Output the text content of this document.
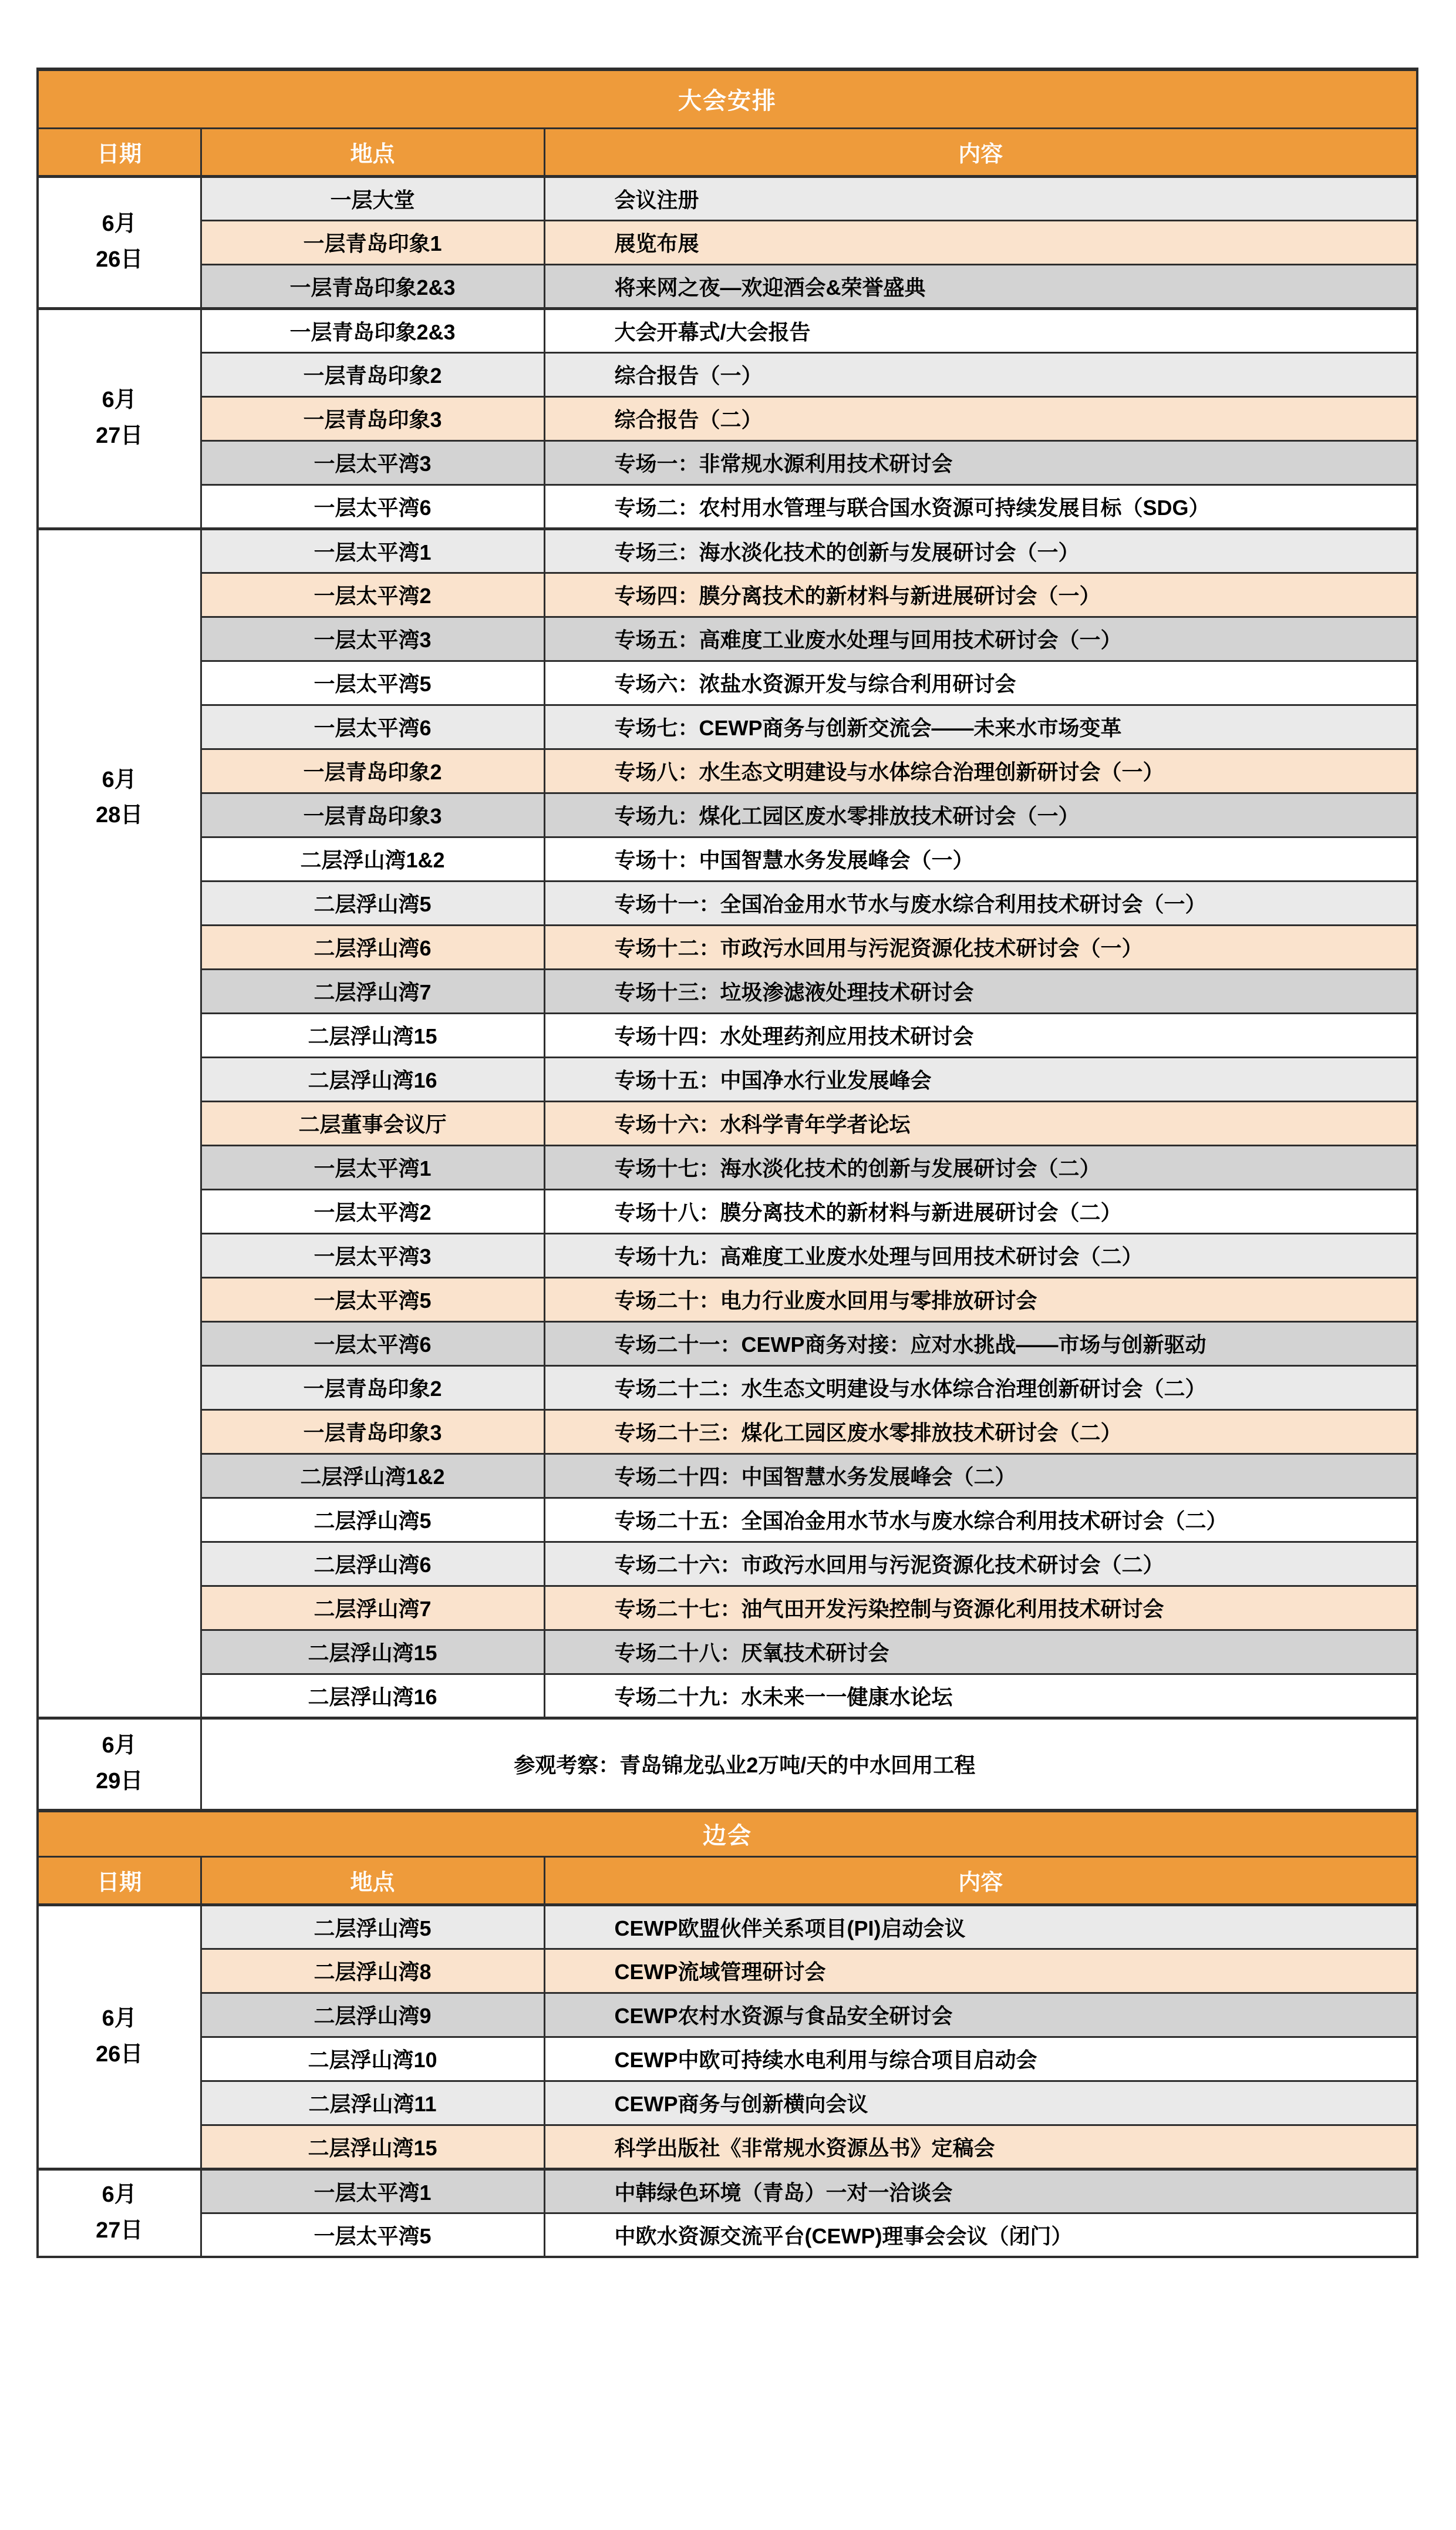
大会安排		
日期	地点	内容

6月
26日	一层大堂	会议注册
	一层青岛印象1	展览布展
	一层青岛印象2&3	将来网之夜—欢迎酒会&荣誉盛典

6月
27日	一层青岛印象2&3	大会开幕式/大会报告
	一层青岛印象2	综合报告（一）
	一层青岛印象3	综合报告（二）
	一层太平湾3	专场一：非常规水源利用技术研讨会
	一层太平湾6	专场二：农村用水管理与联合国水资源可持续发展目标（SDG）

6月
28日	一层太平湾1	专场三：海水淡化技术的创新与发展研讨会（一）
	一层太平湾2	专场四：膜分离技术的新材料与新进展研讨会（一）
	一层太平湾3	专场五：高难度工业废水处理与回用技术研讨会（一）
	一层太平湾5	专场六：浓盐水资源开发与综合利用研讨会
	一层太平湾6	专场七：CEWP商务与创新交流会——未来水市场变革
	一层青岛印象2	专场八：水生态文明建设与水体综合治理创新研讨会（一）
	一层青岛印象3	专场九：煤化工园区废水零排放技术研讨会（一）
	二层浮山湾1&2	专场十：中国智慧水务发展峰会（一）
	二层浮山湾5	专场十一：全国冶金用水节水与废水综合利用技术研讨会（一）
	二层浮山湾6	专场十二：市政污水回用与污泥资源化技术研讨会（一）
	二层浮山湾7	专场十三：垃圾渗滤液处理技术研讨会
	二层浮山湾15	专场十四：水处理药剂应用技术研讨会
	二层浮山湾16	专场十五：中国净水行业发展峰会
	二层董事会议厅	专场十六：水科学青年学者论坛
	一层太平湾1	专场十七：海水淡化技术的创新与发展研讨会（二）
	一层太平湾2	专场十八：膜分离技术的新材料与新进展研讨会（二）
	一层太平湾3	专场十九：高难度工业废水处理与回用技术研讨会（二）
	一层太平湾5	专场二十：电力行业废水回用与零排放研讨会
	一层太平湾6	专场二十一：CEWP商务对接：应对水挑战——市场与创新驱动
	一层青岛印象2	专场二十二：水生态文明建设与水体综合治理创新研讨会（二）
	一层青岛印象3	专场二十三：煤化工园区废水零排放技术研讨会（二）
	二层浮山湾1&2	专场二十四：中国智慧水务发展峰会（二）
	二层浮山湾5	专场二十五：全国冶金用水节水与废水综合利用技术研讨会（二）
	二层浮山湾6	专场二十六：市政污水回用与污泥资源化技术研讨会（二）
	二层浮山湾7	专场二十七：油气田开发污染控制与资源化利用技术研讨会
	二层浮山湾15	专场二十八：厌氧技术研讨会
	二层浮山湾16	专场二十九：水未来一一健康水论坛

6月
29日	参观考察：青岛锦龙弘业2万吨/天的中水回用工程	
边会		
日期	地点	内容

6月
26日	二层浮山湾5	CEWP欧盟伙伴关系项目(PI)启动会议
	二层浮山湾8	CEWP流域管理研讨会
	二层浮山湾9	CEWP农村水资源与食品安全研讨会
	二层浮山湾10	CEWP中欧可持续水电利用与综合项目启动会
	二层浮山湾11	CEWP商务与创新横向会议
	二层浮山湾15	科学出版社《非常规水资源丛书》定稿会

6月
27日	一层太平湾1	中韩绿色环境（青岛）一对一洽谈会
	一层太平湾5	中欧水资源交流平台(CEWP)理事会会议（闭门）
